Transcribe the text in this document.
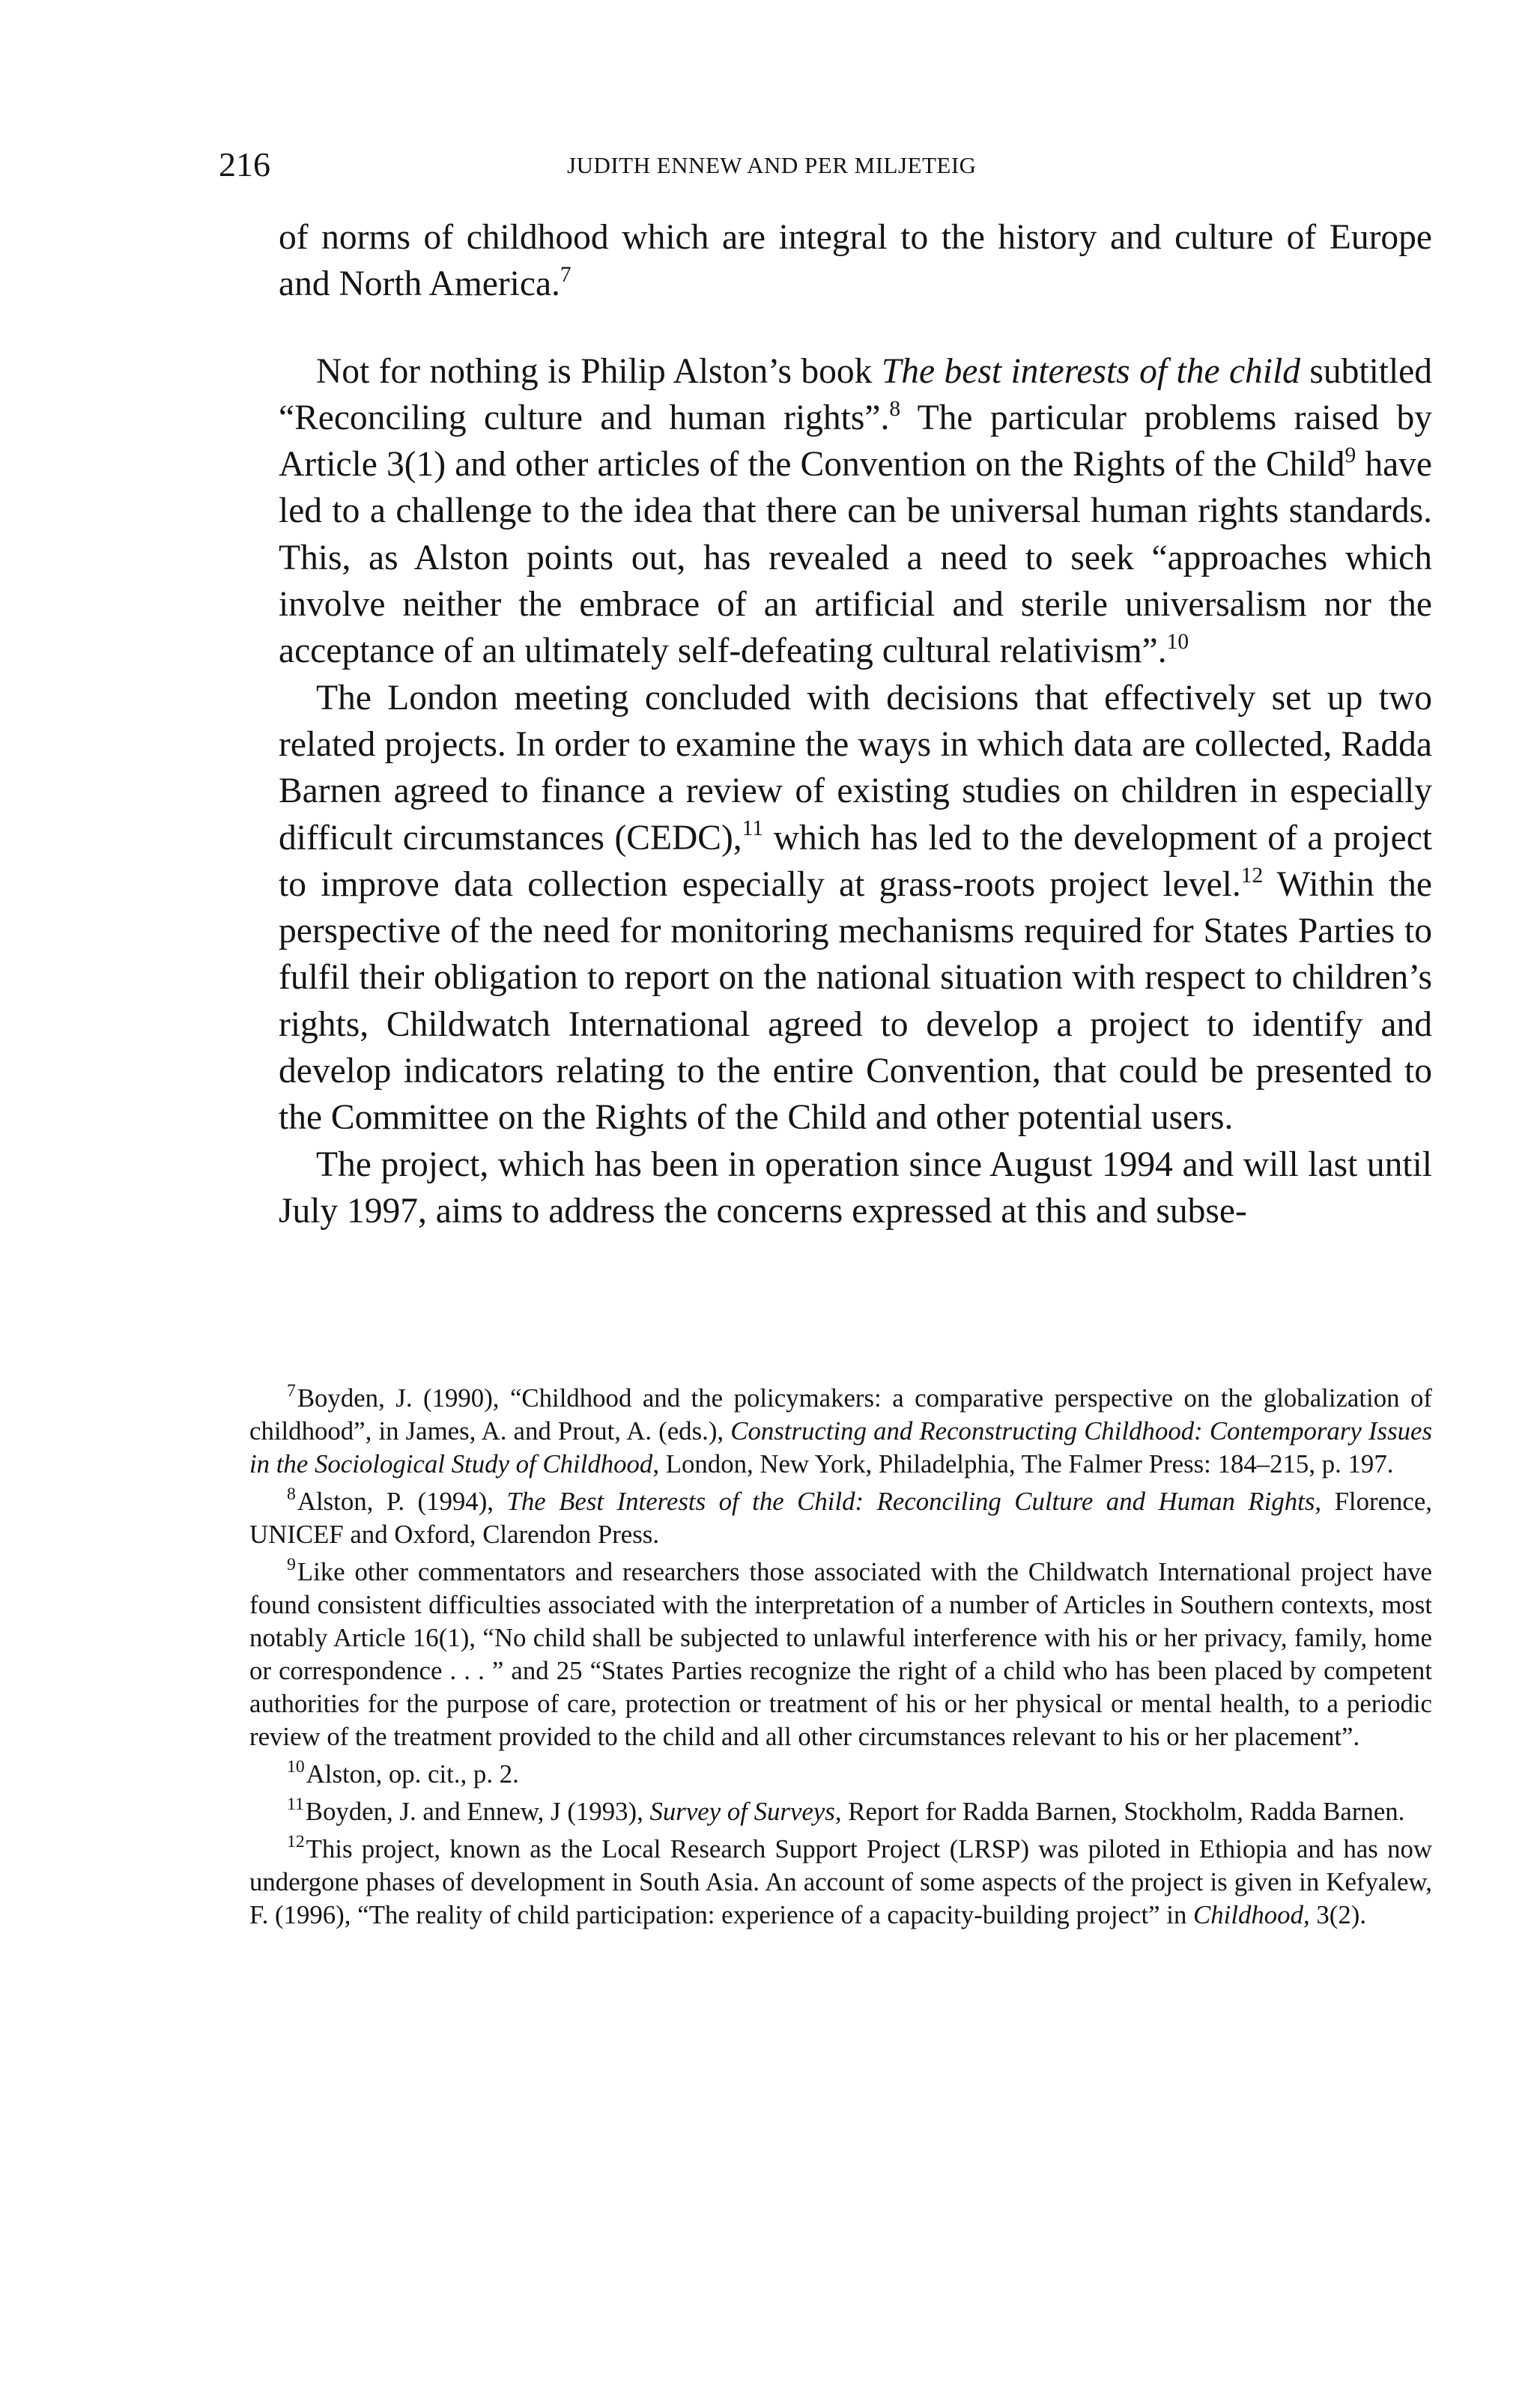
216	JUDITH ENNEW AND PER MILJETEIG

of norms of childhood which are integral to the history and culture of Europe and North America.$^7$

Not for nothing is Philip Alston’s book The best interests of the child subtitled “Reconciling culture and human rights”.$^8$ The particular problems raised by Article 3(1) and other articles of the Convention on the Rights of the Child$^9$ have led to a challenge to the idea that there can be universal human rights standards. This, as Alston points out, has revealed a need to seek “approaches which involve neither the embrace of an artificial and sterile universalism nor the acceptance of an ultimately self-defeating cultural relativism”.$^{10}$

The London meeting concluded with decisions that effectively set up two related projects. In order to examine the ways in which data are collected, Radda Barnen agreed to finance a review of existing studies on children in especially difficult circumstances (CEDC),$^{11}$ which has led to the development of a project to improve data collection especially at grass-roots project level.$^{12}$ Within the perspective of the need for monitoring mechanisms required for States Parties to fulfil their obligation to report on the national situation with respect to children’s rights, Childwatch International agreed to develop a project to identify and develop indicators relating to the entire Convention, that could be presented to the Committee on the Rights of the Child and other potential users.

The project, which has been in operation since August 1994 and will last until July 1997, aims to address the concerns expressed at this and subse-

$^7$Boyden, J. (1990), “Childhood and the policymakers: a comparative perspective on the globalization of childhood”, in James, A. and Prout, A. (eds.), Constructing and Reconstructing Childhood: Contemporary Issues in the Sociological Study of Childhood, London, New York, Philadelphia, The Falmer Press: 184–215, p. 197.

$^8$Alston, P. (1994), The Best Interests of the Child: Reconciling Culture and Human Rights, Florence, UNICEF and Oxford, Clarendon Press.

$^9$Like other commentators and researchers those associated with the Childwatch International project have found consistent difficulties associated with the interpretation of a number of Articles in Southern contexts, most notably Article 16(1), “No child shall be subjected to unlawful interference with his or her privacy, family, home or correspondence . . . ” and 25 “States Parties recognize the right of a child who has been placed by competent authorities for the purpose of care, protection or treatment of his or her physical or mental health, to a periodic review of the treatment provided to the child and all other circumstances relevant to his or her placement”.

$^{10}$Alston, op. cit., p. 2.

$^{11}$Boyden, J. and Ennew, J (1993), Survey of Surveys, Report for Radda Barnen, Stockholm, Radda Barnen.

$^{12}$This project, known as the Local Research Support Project (LRSP) was piloted in Ethiopia and has now undergone phases of development in South Asia. An account of some aspects of the project is given in Kefyalew, F. (1996), “The reality of child participation: experience of a capacity-building project” in Childhood, 3(2).
